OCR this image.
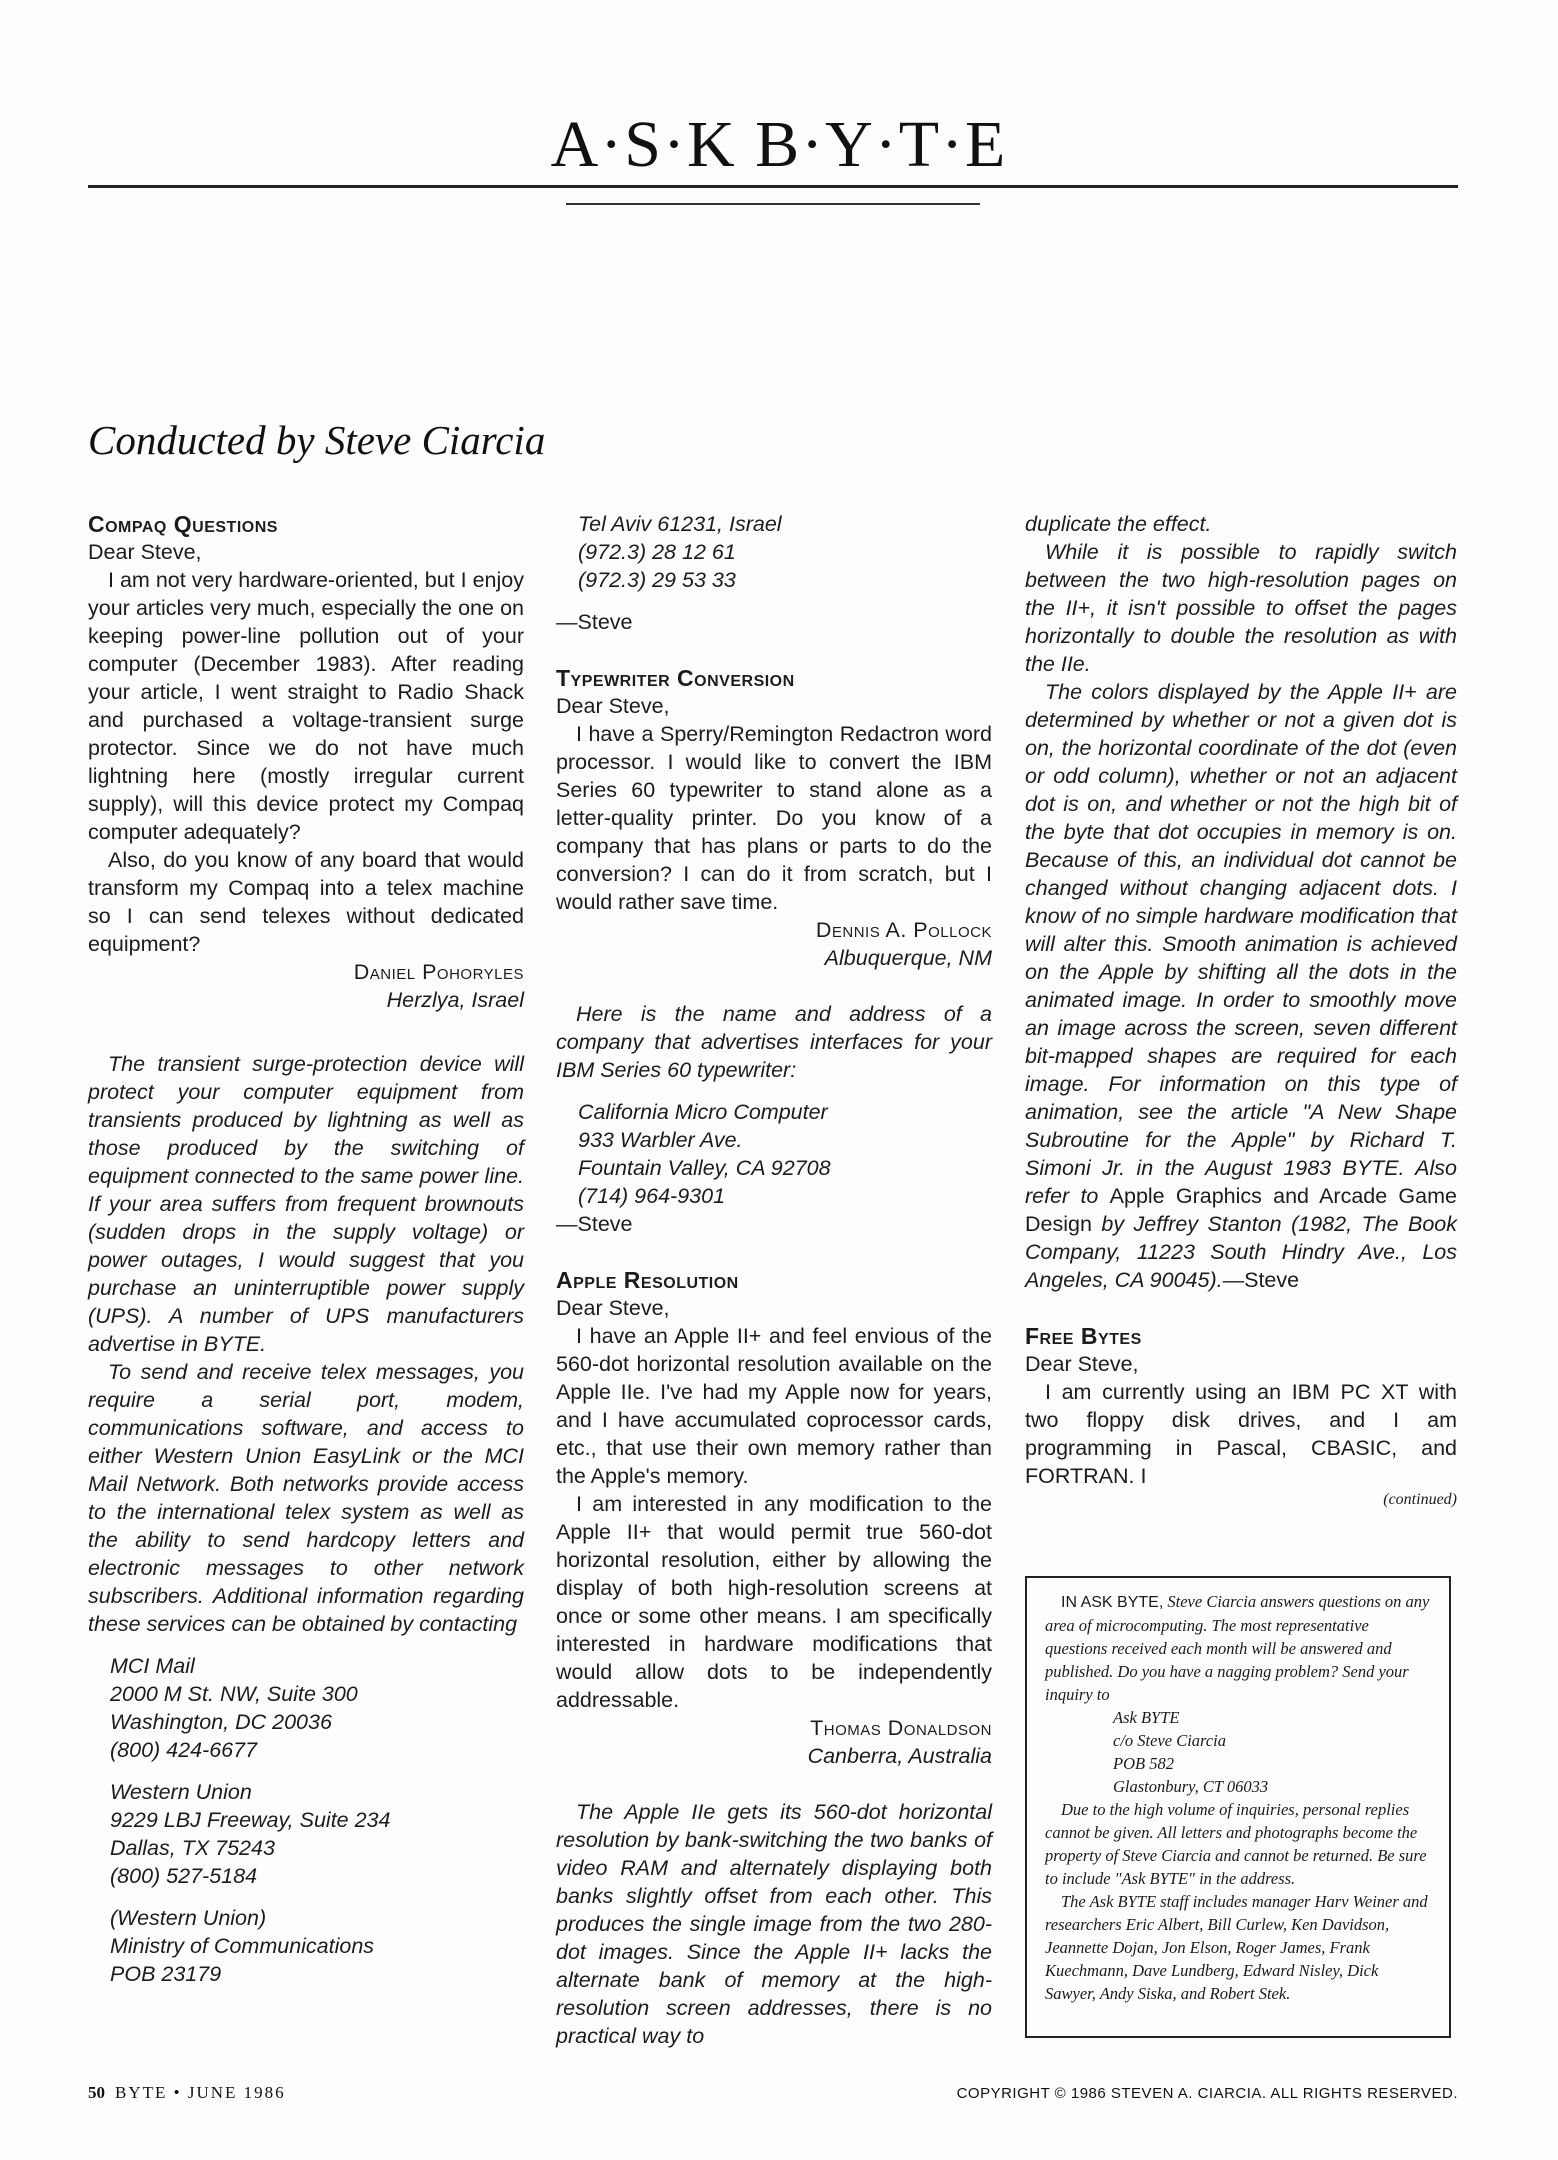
A·S·K B·Y·T·E
Conducted by Steve Ciarcia

Compaq Questions

Dear Steve,

I am not very hardware-oriented, but I enjoy your articles very much, especially the one on keeping power-line pollution out of your computer (December 1983). After reading your article, I went straight to Radio Shack and purchased a voltage-transient surge protector. Since we do not have much lightning here (mostly irregular current supply), will this device protect my Compaq computer adequately?

Also, do you know of any board that would transform my Compaq into a telex machine so I can send telexes without dedicated equipment?

Daniel Pohoryles

Herzlya, Israel

The transient surge-protection device will protect your computer equipment from transients produced by lightning as well as those produced by the switching of equipment connected to the same power line. If your area suffers from frequent brownouts (sudden drops in the supply voltage) or power outages, I would suggest that you purchase an uninterruptible power supply (UPS). A number of UPS manufacturers advertise in BYTE.

To send and receive telex messages, you require a serial port, modem, communications software, and access to either Western Union EasyLink or the MCI Mail Network. Both networks provide access to the international telex system as well as the ability to send hardcopy letters and electronic messages to other network subscribers. Additional information regarding these services can be obtained by contacting

MCI Mail
2000 M St. NW, Suite 300
Washington, DC 20036
(800) 424-6677
Western Union
9229 LBJ Freeway, Suite 234
Dallas, TX 75243
(800) 527-5184
(Western Union)
Ministry of Communications
POB 23179
Tel Aviv 61231, Israel
(972.3) 28 12 61
(972.3) 29 53 33

—Steve

Typewriter Conversion

Dear Steve,

I have a Sperry/Remington Redactron word processor. I would like to convert the IBM Series 60 typewriter to stand alone as a letter-quality printer. Do you know of a company that has plans or parts to do the conversion? I can do it from scratch, but I would rather save time.

Dennis A. Pollock

Albuquerque, NM

Here is the name and address of a company that advertises interfaces for your IBM Series 60 typewriter:

California Micro Computer
933 Warbler Ave.
Fountain Valley, CA 92708
(714) 964-9301

—Steve

Apple Resolution

Dear Steve,

I have an Apple II+ and feel envious of the 560-dot horizontal resolution available on the Apple IIe. I've had my Apple now for years, and I have accumulated coprocessor cards, etc., that use their own memory rather than the Apple's memory.

I am interested in any modification to the Apple II+ that would permit true 560-dot horizontal resolution, either by allowing the display of both high-resolution screens at once or some other means. I am specifically interested in hardware modifications that would allow dots to be independently addressable.

Thomas Donaldson

Canberra, Australia

The Apple IIe gets its 560-dot horizontal resolution by bank-switching the two banks of video RAM and alternately displaying both banks slightly offset from each other. This produces the single image from the two 280-dot images. Since the Apple II+ lacks the alternate bank of memory at the high-resolution screen addresses, there is no practical way to

duplicate the effect.

While it is possible to rapidly switch between the two high-resolution pages on the II+, it isn't possible to offset the pages horizontally to double the resolution as with the IIe.

The colors displayed by the Apple II+ are determined by whether or not a given dot is on, the horizontal coordinate of the dot (even or odd column), whether or not an adjacent dot is on, and whether or not the high bit of the byte that dot occupies in memory is on. Because of this, an individual dot cannot be changed without changing adjacent dots. I know of no simple hardware modification that will alter this. Smooth animation is achieved on the Apple by shifting all the dots in the animated image. In order to smoothly move an image across the screen, seven different bit-mapped shapes are required for each image. For information on this type of animation, see the article "A New Shape Subroutine for the Apple" by Richard T. Simoni Jr. in the August 1983 BYTE. Also refer to Apple Graphics and Arcade Game Design by Jeffrey Stanton (1982, The Book Company, 11223 South Hindry Ave., Los Angeles, CA 90045).—Steve

Free Bytes

Dear Steve,

I am currently using an IBM PC XT with two floppy disk drives, and I am programming in Pascal, CBASIC, and FORTRAN. I

(continued)

IN ASK BYTE, Steve Ciarcia answers questions on any area of microcomputing. The most representative questions received each month will be answered and published. Do you have a nagging problem? Send your inquiry to
Ask BYTE
c/o Steve Ciarcia
POB 582
Glastonbury, CT 06033
Due to the high volume of inquiries, personal replies cannot be given. All letters and photographs become the property of Steve Ciarcia and cannot be returned. Be sure to include "Ask BYTE" in the address.
The Ask BYTE staff includes manager Harv Weiner and researchers Eric Albert, Bill Curlew, Ken Davidson, Jeannette Dojan, Jon Elson, Roger James, Frank Kuechmann, Dave Lundberg, Edward Nisley, Dick Sawyer, Andy Siska, and Robert Stek.
50 BYTE • JUNE 1986	COPYRIGHT © 1986 STEVEN A. CIARCIA. ALL RIGHTS RESERVED.
